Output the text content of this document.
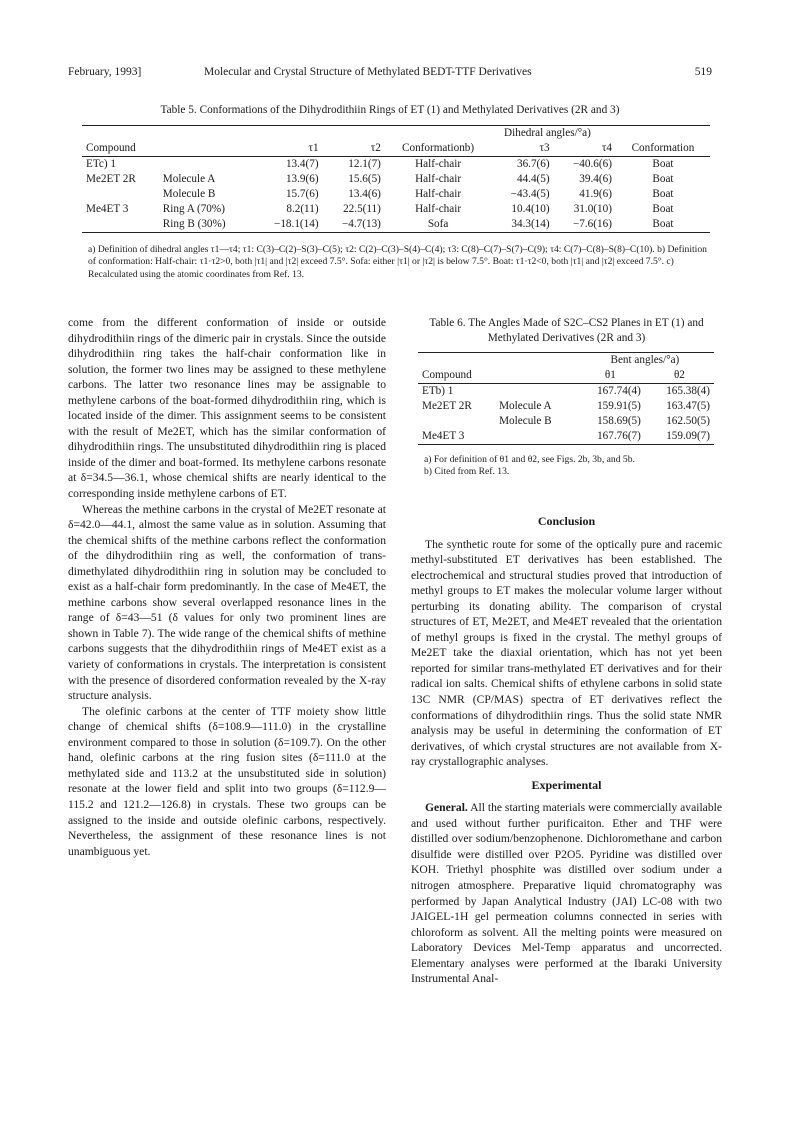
February, 1993]	Molecular and Crystal Structure of Methylated BEDT-TTF Derivatives	519
Table 5. Conformations of the Dihydrodithiin Rings of ET (1) and Methylated Derivatives (2R and 3)

				Dihedral angles/°a)			
Compound		τ1	τ2	Conformationb)	τ3	τ4	Conformation
ETc) 1		13.4(7)	12.1(7)	Half-chair	36.7(6)	−40.6(6)	Boat
Me2ET 2R	Molecule A	13.9(6)	15.6(5)	Half-chair	44.4(5)	39.4(6)	Boat
	Molecule B	15.7(6)	13.4(6)	Half-chair	−43.4(5)	41.9(6)	Boat
Me4ET 3	Ring A (70%)	8.2(11)	22.5(11)	Half-chair	10.4(10)	31.0(10)	Boat
	Ring B (30%)	−18.1(14)	−4.7(13)	Sofa	34.3(14)	−7.6(16)	Boat

a) Definition of dihedral angles τ1—τ4; τ1: C(3)–C(2)–S(3)–C(5); τ2: C(2)–C(3)–S(4)–C(4); τ3: C(8)–C(7)–S(7)–C(9); τ4: C(7)–C(8)–S(8)–C(10). b) Definition of conformation: Half-chair: τ1·τ2>0, both |τ1| and |τ2| exceed 7.5°. Sofa: either |τ1| or |τ2| is below 7.5°. Boat: τ1·τ2<0, both |τ1| and |τ2| exceed 7.5°. c) Recalculated using the atomic coordinates from Ref. 13.

come from the different conformation of inside or outside dihydrodithiin rings of the dimeric pair in crystals. Since the outside dihydrodithiin ring takes the half-chair conformation like in solution, the former two lines may be assigned to these methylene carbons. The latter two resonance lines may be assignable to methylene carbons of the boat-formed dihydrodithiin ring, which is located inside of the dimer. This assignment seems to be consistent with the result of Me2ET, which has the similar conformation of dihydrodithiin rings. The unsubstituted dihydrodithiin ring is placed inside of the dimer and boat-formed. Its methylene carbons resonate at δ=34.5—36.1, whose chemical shifts are nearly identical to the corresponding inside methylene carbons of ET.

Whereas the methine carbons in the crystal of Me2ET resonate at δ=42.0—44.1, almost the same value as in solution. Assuming that the chemical shifts of the methine carbons reflect the conformation of the dihydrodithiin ring as well, the conformation of trans-dimethylated dihydrodithiin ring in solution may be concluded to exist as a half-chair form predominantly. In the case of Me4ET, the methine carbons show several overlapped resonance lines in the range of δ=43—51 (δ values for only two prominent lines are shown in Table 7). The wide range of the chemical shifts of methine carbons suggests that the dihydrodithiin rings of Me4ET exist as a variety of conformations in crystals. The interpretation is consistent with the presence of disordered conformation revealed by the X-ray structure analysis.

The olefinic carbons at the center of TTF moiety show little change of chemical shifts (δ=108.9—111.0) in the crystalline environment compared to those in solution (δ=109.7). On the other hand, olefinic carbons at the ring fusion sites (δ=111.0 at the methylated side and 113.2 at the unsubstituted side in solution) resonate at the lower field and split into two groups (δ=112.9—115.2 and 121.2—126.8) in crystals. These two groups can be assigned to the inside and outside olefinic carbons, respectively. Nevertheless, the assignment of these resonance lines is not unambiguous yet.

Table 6. The Angles Made of S2C–CS2 Planes in ET (1) and Methylated Derivatives (2R and 3)

		Bent angles/°a)	
Compound		θ1	θ2
ETb) 1		167.74(4)	165.38(4)
Me2ET 2R	Molecule A	159.91(5)	163.47(5)
	Molecule B	158.69(5)	162.50(5)
Me4ET 3		167.76(7)	159.09(7)

a) For definition of θ1 and θ2, see Figs. 2b, 3b, and 5b.
b) Cited from Ref. 13.
Conclusion

The synthetic route for some of the optically pure and racemic methyl-substituted ET derivatives has been established. The electrochemical and structural studies proved that introduction of methyl groups to ET makes the molecular volume larger without perturbing its donating ability. The comparison of crystal structures of ET, Me2ET, and Me4ET revealed that the orientation of methyl groups is fixed in the crystal. The methyl groups of Me2ET take the diaxial orientation, which has not yet been reported for similar trans-methylated ET derivatives and for their radical ion salts. Chemical shifts of ethylene carbons in solid state 13C NMR (CP/MAS) spectra of ET derivatives reflect the conformations of dihydrodithiin rings. Thus the solid state NMR analysis may be useful in determining the conformation of ET derivatives, of which crystal structures are not available from X-ray crystallographic analyses.

Experimental

General. All the starting materials were commercially available and used without further purificaiton. Ether and THF were distilled over sodium/benzophenone. Dichloromethane and carbon disulfide were distilled over P2O5. Pyridine was distilled over KOH. Triethyl phosphite was distilled over sodium under a nitrogen atmosphere. Preparative liquid chromatography was performed by Japan Analytical Industry (JAI) LC-08 with two JAIGEL-1H gel permeation columns connected in series with chloroform as solvent. All the melting points were measured on Laboratory Devices Mel-Temp apparatus and uncorrected. Elementary analyses were performed at the Ibaraki University Instrumental Anal-
